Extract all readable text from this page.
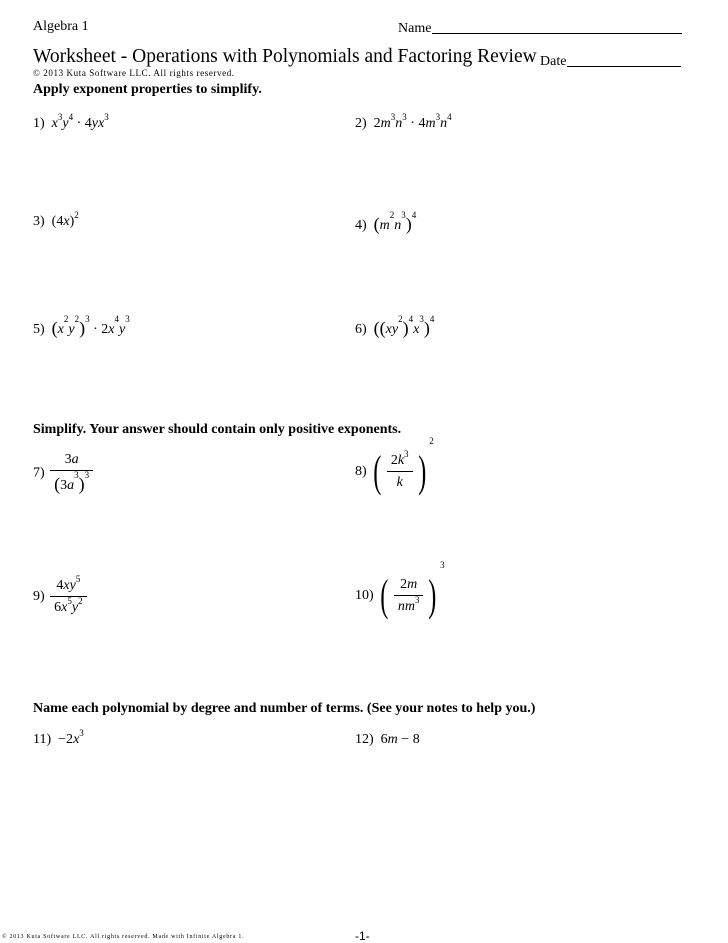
Algebra 1	Name
Worksheet - Operations with Polynomials and Factoring Review Date
© 2013 Kuta Software LLC. All rights reserved.
Apply exponent properties to simplify.
1)  $x^3y^4 \cdot 4yx^3$	2)  $2m^3n^3 \cdot 4m^3n^4$
3)  $(4x)^2$
4) $(m^2n^3)^4$
5) $(x^2y^2)^3 \cdot 2x^4y^3$
6) $((xy^2)^4x^3)^4$
Simplify. Your answer should contain only positive exponents.
$7) \frac{3a}{(3a^3)^3}$	8) ( $\frac{2k^3}{k} )^2$
$9) \frac{4xy^5}{6x^5y^2}$	10) ( $\frac{2m}{nm^3} )^3$
Name each polynomial by degree and number of terms. (See your notes to help you.)
$11) -2x^3$	12)  6m − 8
© 2013 Kuta Software LLC. All rights reserved. Made with Infinite Algebra 1.	-1-
